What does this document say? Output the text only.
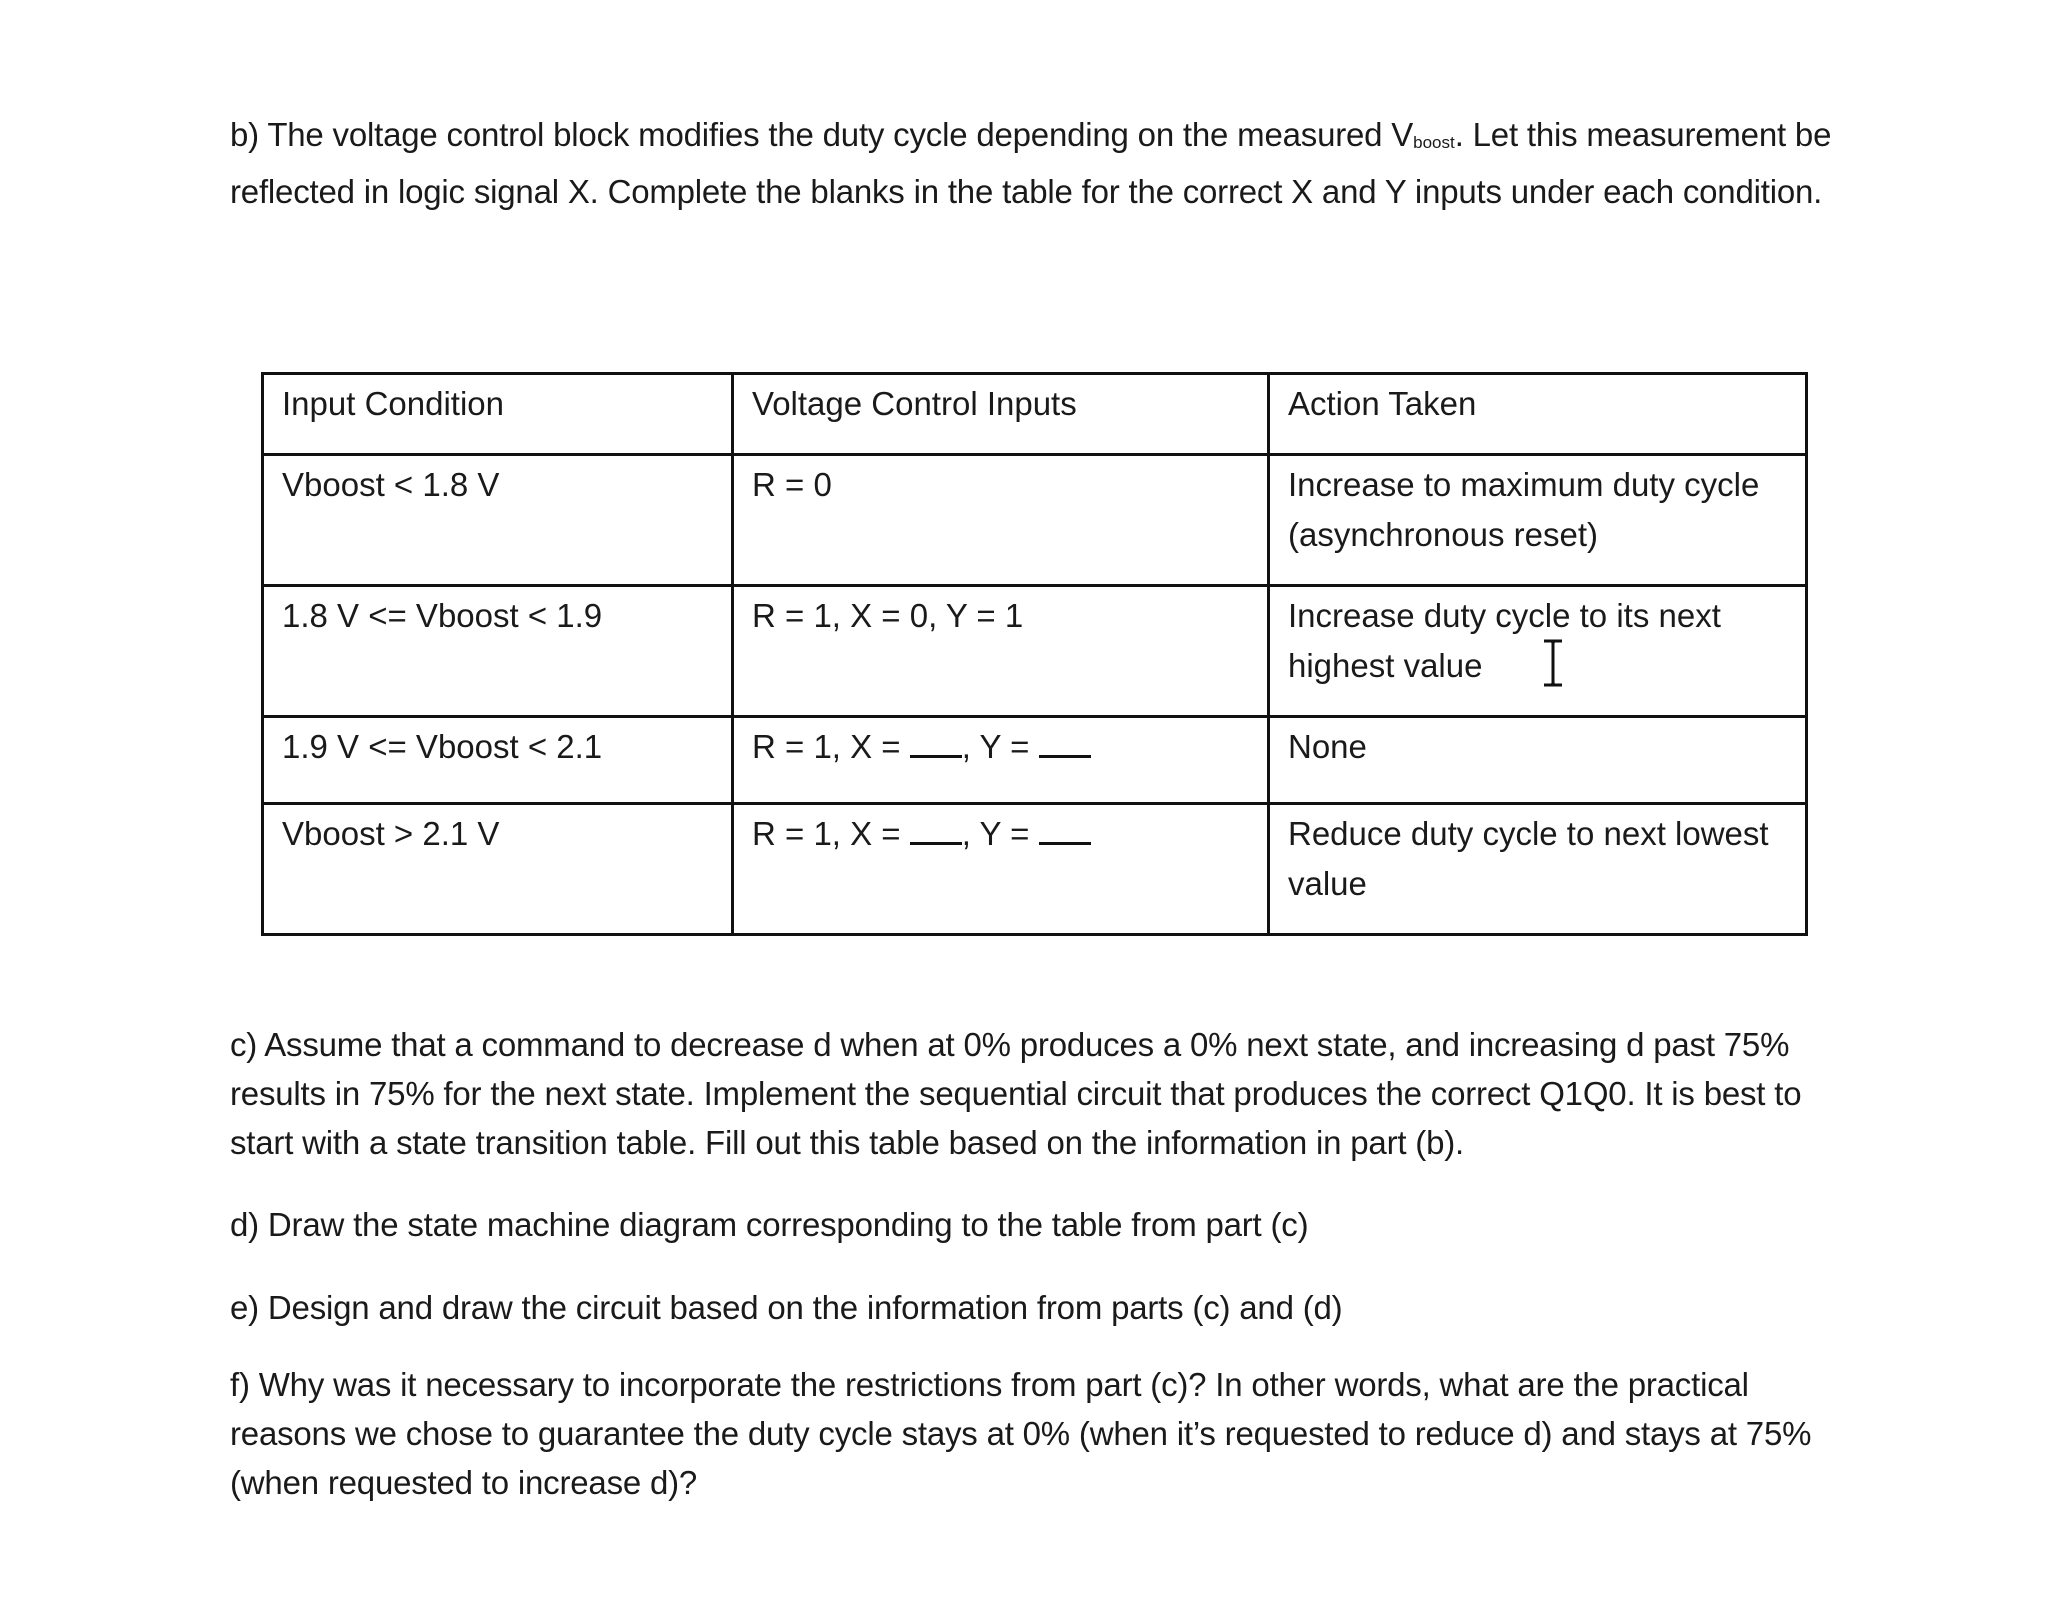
b) The voltage control block modifies the duty cycle depending on the measured Vboost. Let this measurement be reflected in logic signal X. Complete the blanks in the table for the correct X and Y inputs under each condition.

Input Condition	Voltage Control Inputs	Action Taken
Vboost < 1.8 V	R = 0	Increase to maximum duty cycle (asynchronous reset)
1.8 V <= Vboost < 1.9	R = 1, X = 0, Y = 1	Increase duty cycle to its next highest value
1.9 V <= Vboost < 2.1	R = 1, X = , Y =	None
Vboost > 2.1 V	R = 1, X = , Y =	Reduce duty cycle to next lowest value

c) Assume that a command to decrease d when at 0% produces a 0% next state, and increasing d past 75% results in 75% for the next state. Implement the sequential circuit that produces the correct Q1Q0. It is best to start with a state transition table. Fill out this table based on the information in part (b).

d) Draw the state machine diagram corresponding to the table from part (c)

e) Design and draw the circuit based on the information from parts (c) and (d)

f) Why was it necessary to incorporate the restrictions from part (c)? In other words, what are the practical reasons we chose to guarantee the duty cycle stays at 0% (when it’s requested to reduce d) and stays at 75% (when requested to increase d)?
